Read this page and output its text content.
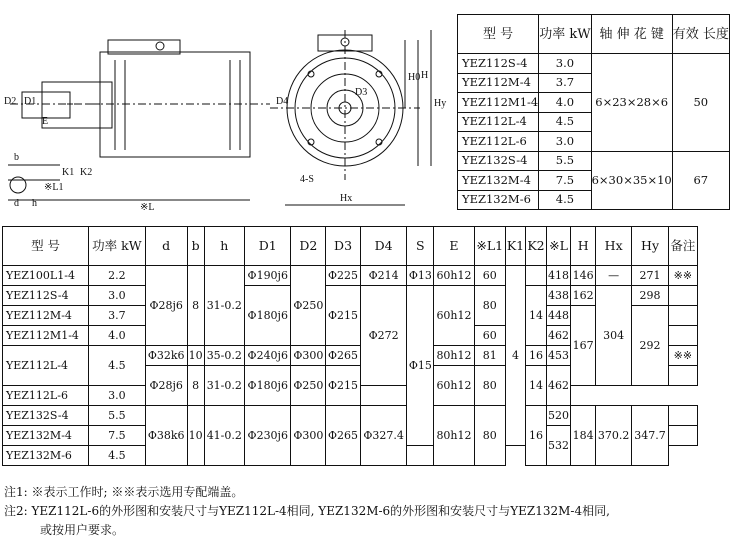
D2 D1
E
K1 K2
※L1
※L
d
b
h
D3
D4
H0 H
Hy
Hx
4-S
型 号	功率 kW	轴 伸 花 键	有效 长度
YEZ112S-4	3.0	6×23×28×6	50
YEZ112M-4	3.7		
YEZ112M1-4	4.0		
YEZ112L-4	4.5		
YEZ112L-6	3.0		
YEZ132S-4	5.5	6×30×35×10	67
YEZ132M-4	7.5		
YEZ132M-6	4.5		
型 号	功率 kW	d	b	h	D1	D2	D3	D4	S	E	※L1	K1	K2	※L	H	Hx	Hy	备注
YEZ100L1-4	2.2	Φ28j6	8	31-0.2	Φ190j6	Φ250	Φ225	Φ214	Φ13	60h12	60	4		418	146	—	271	※※
YEZ112S-4	3.0				Φ180j6		Φ215	Φ272	Φ15	60h12	80		14	438	162	304	298	
YEZ112M-4	3.7													448	167		292	
YEZ112M1-4	4.0										60			462				
YEZ112L-4	4.5	Φ32k6	10	35-0.2	Φ240j6	Φ300	Φ265			80h12	81		16	453				※※
		Φ28j6	8	31-0.2	Φ180j6	Φ250	Φ215			60h12	80		14	462				
YEZ112L-6	3.0																	
YEZ132S-4	5.5	Φ38k6	10	41-0.2	Φ230j6	Φ300	Φ265	Φ327.4		80h12	80		16	520	184	370.2	347.7	
YEZ132M-4	7.5													532				
YEZ132M-6	4.5																	
注1: ※表示工作时; ※※表示选用专配端盖。
注2: YEZ112L-6的外形图和安装尺寸与YEZ112L-4相同, YEZ132M-6的外形图和安装尺寸与YEZ132M-4相同,
或按用户要求。
